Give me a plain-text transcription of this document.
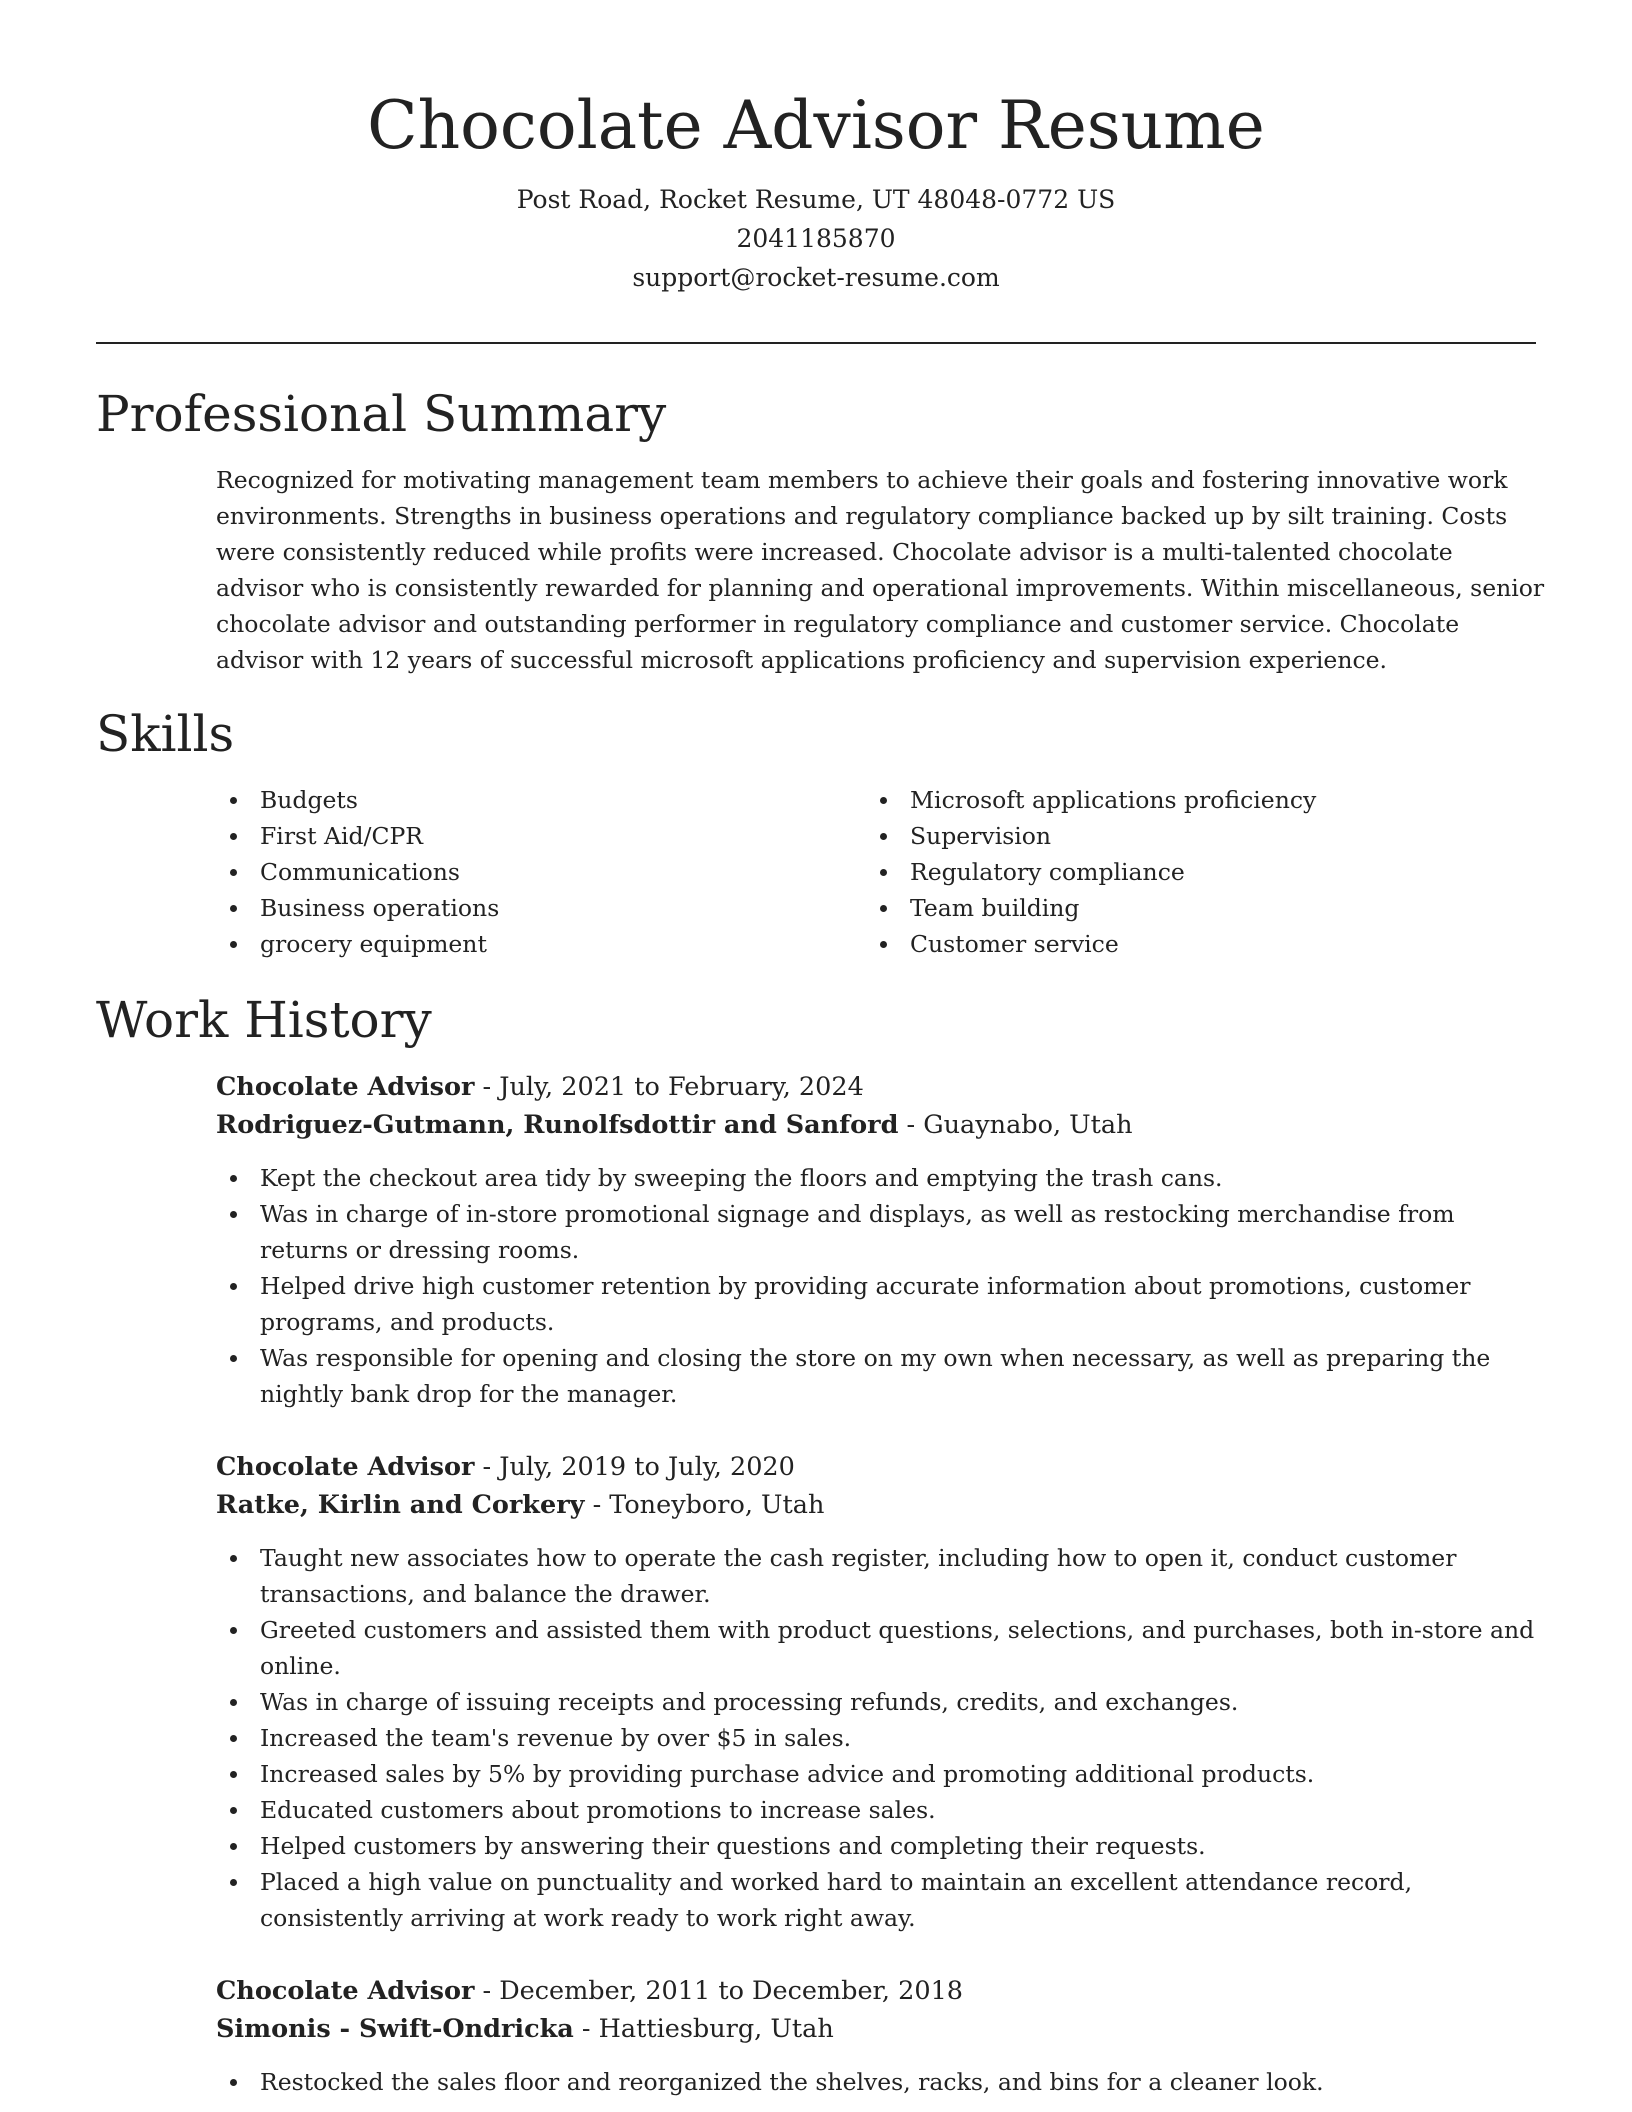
Chocolate Advisor Resume
Post Road, Rocket Resume, UT 48048-0772 US
2041185870
support@rocket-resume.com
Professional Summary

Recognized for motivating management team members to achieve their goals and fostering innovative work environments. Strengths in business operations and regulatory compliance backed up by silt training. Costs were consistently reduced while profits were increased. Chocolate advisor is a multi-talented chocolate advisor who is consistently rewarded for planning and operational improvements. Within miscellaneous, senior chocolate advisor and outstanding performer in regulatory compliance and customer service. Chocolate advisor with 12 years of successful microsoft applications proficiency and supervision experience.

Skills
Budgets
First Aid/CPR
Communications
Business operations
grocery equipment
Microsoft applications proficiency
Supervision
Regulatory compliance
Team building
Customer service
Work History
Chocolate Advisor - July, 2021 to February, 2024
Rodriguez-Gutmann, Runolfsdottir and Sanford - Guaynabo, Utah
Kept the checkout area tidy by sweeping the floors and emptying the trash cans.
Was in charge of in-store promotional signage and displays, as well as restocking merchandise from returns or dressing rooms.
Helped drive high customer retention by providing accurate information about promotions, customer programs, and products.
Was responsible for opening and closing the store on my own when necessary, as well as preparing the nightly bank drop for the manager.
Chocolate Advisor - July, 2019 to July, 2020
Ratke, Kirlin and Corkery - Toneyboro, Utah
Taught new associates how to operate the cash register, including how to open it, conduct customer transactions, and balance the drawer.
Greeted customers and assisted them with product questions, selections, and purchases, both in-store and online.
Was in charge of issuing receipts and processing refunds, credits, and exchanges.
Increased the team's revenue by over $5 in sales.
Increased sales by 5% by providing purchase advice and promoting additional products.
Educated customers about promotions to increase sales.
Helped customers by answering their questions and completing their requests.
Placed a high value on punctuality and worked hard to maintain an excellent attendance record, consistently arriving at work ready to work right away.
Chocolate Advisor - December, 2011 to December, 2018
Simonis - Swift-Ondricka - Hattiesburg, Utah
Restocked the sales floor and reorganized the shelves, racks, and bins for a cleaner look.
